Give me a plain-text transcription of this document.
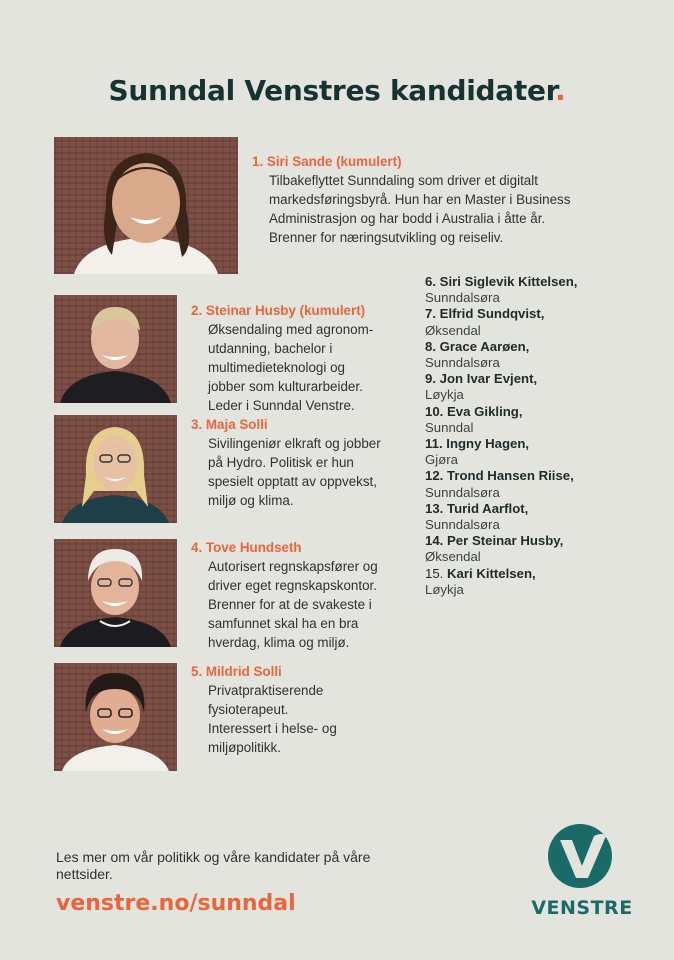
Sunndal Venstres kandidater.
1. Siri Sande (kumulert)
Tilbakeflyttet Sunndaling som driver et digitalt
markedsføringsbyrå. Hun har en Master i Business
Administrasjon og har bodd i Australia i åtte år.
Brenner for næringsutvikling og reiseliv.
2. Steinar Husby (kumulert)
Øksendaling med agronom-
utdanning, bachelor i
multimedieteknologi og
jobber som kulturarbeider.
Leder i Sunndal Venstre.
3. Maja Solli
Sivilingeniør elkraft og jobber
på Hydro. Politisk er hun
spesielt opptatt av oppvekst,
miljø og klima.
4. Tove Hundseth
Autorisert regnskapsfører og
driver eget regnskapskontor.
Brenner for at de svakeste i
samfunnet skal ha en bra
hverdag, klima og miljø.
5. Mildrid Solli
Privatpraktiserende
fysioterapeut.
Interessert i helse- og
miljøpolitikk.
6. Siri Siglevik Kittelsen,
Sunndalsøra
7. Elfrid Sundqvist,
Øksendal
8. Grace Aarøen,
Sunndalsøra
9. Jon Ivar Evjent,
Løykja
10. Eva Gikling,
Sunndal
11. Ingny Hagen,
Gjøra
12. Trond Hansen Riise,
Sunndalsøra
13. Turid Aarflot,
Sunndalsøra
14. Per Steinar Husby,
Øksendal
15. Kari Kittelsen,
Løykja
Les mer om vår politikk og våre kandidater på våre nettsider.
venstre.no/sunndal	VENSTRE
